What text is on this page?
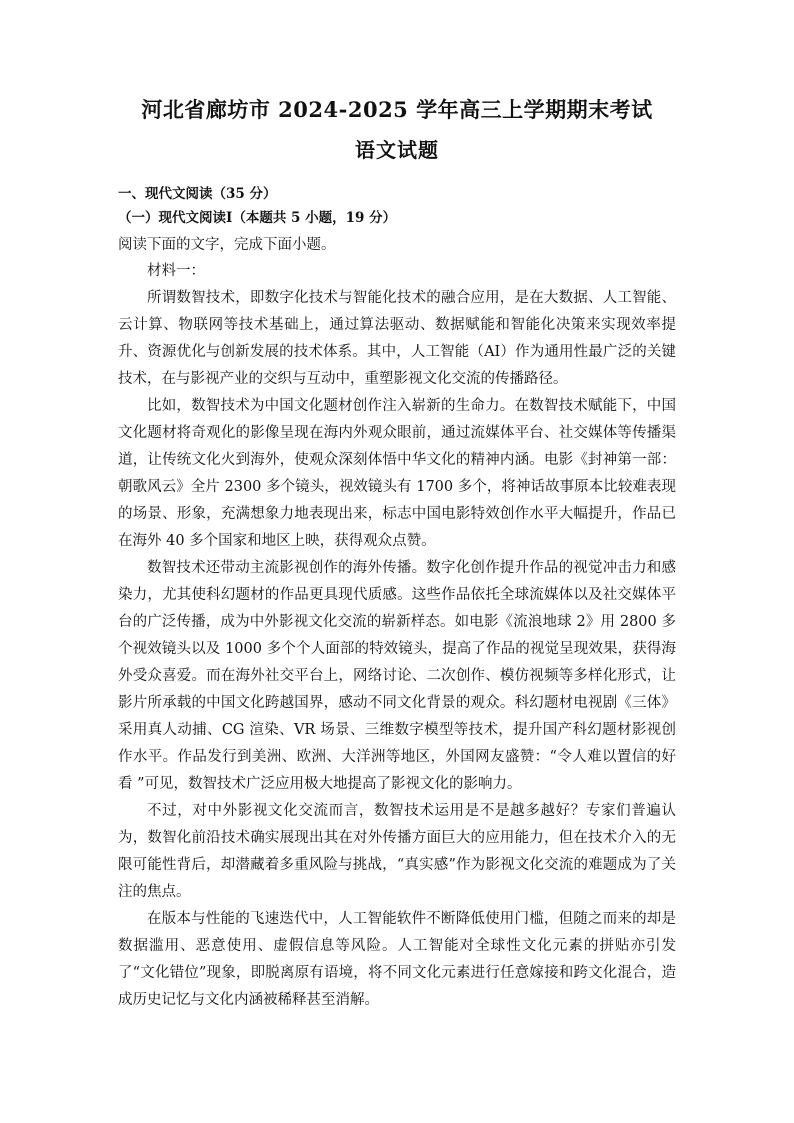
河北省廊坊市 2024-2025 学年高三上学期期末考试
语文试题

一、现代文阅读（35 分）

（一）现代文阅读Ⅰ（本题共 5 小题，19 分）

阅读下面的文字，完成下面小题。

材料一：

所谓数智技术，即数字化技术与智能化技术的融合应用，是在大数据、人工智能、云计算、物联网等技术基础上，通过算法驱动、数据赋能和智能化决策来实现效率提升、资源优化与创新发展的技术体系。其中，人工智能（AI）作为通用性最广泛的关键技术，在与影视产业的交织与互动中，重塑影视文化交流的传播路径。

比如，数智技术为中国文化题材创作注入崭新的生命力。在数智技术赋能下，中国文化题材将奇观化的影像呈现在海内外观众眼前，通过流媒体平台、社交媒体等传播渠道，让传统文化火到海外，使观众深刻体悟中华文化的精神内涵。电影《封神第一部：朝歌风云》全片 2300 多个镜头，视效镜头有 1700 多个，将神话故事原本比较难表现的场景、形象，充满想象力地表现出来，标志中国电影特效创作水平大幅提升，作品已在海外 40 多个国家和地区上映，获得观众点赞。

数智技术还带动主流影视创作的海外传播。数字化创作提升作品的视觉冲击力和感染力，尤其使科幻题材的作品更具现代质感。这些作品依托全球流媒体以及社交媒体平台的广泛传播，成为中外影视文化交流的崭新样态。如电影《流浪地球 2》用 2800 多个视效镜头以及 1000 多个个人面部的特效镜头，提高了作品的视觉呈现效果，获得海外受众喜爱。而在海外社交平台上，网络讨论、二次创作、模仿视频等多样化形式，让影片所承载的中国文化跨越国界，感动不同文化背景的观众。科幻题材电视剧《三体》采用真人动捕、CG 渲染、VR 场景、三维数字模型等技术，提升国产科幻题材影视创作水平。作品发行到美洲、欧洲、大洋洲等地区，外国网友盛赞：“令人难以置信的好看 ”可见，数智技术广泛应用极大地提高了影视文化的影响力。

不过，对中外影视文化交流而言，数智技术运用是不是越多越好？专家们普遍认为，数智化前沿技术确实展现出其在对外传播方面巨大的应用能力，但在技术介入的无限可能性背后，却潜藏着多重风险与挑战，“真实感”作为影视文化交流的难题成为了关注的焦点。

在版本与性能的飞速迭代中，人工智能软件不断降低使用门槛，但随之而来的却是数据滥用、恶意使用、虚假信息等风险。人工智能对全球性文化元素的拼贴亦引发了“文化错位”现象，即脱离原有语境，将不同文化元素进行任意嫁接和跨文化混合，造成历史记忆与文化内涵被稀释甚至消解。
